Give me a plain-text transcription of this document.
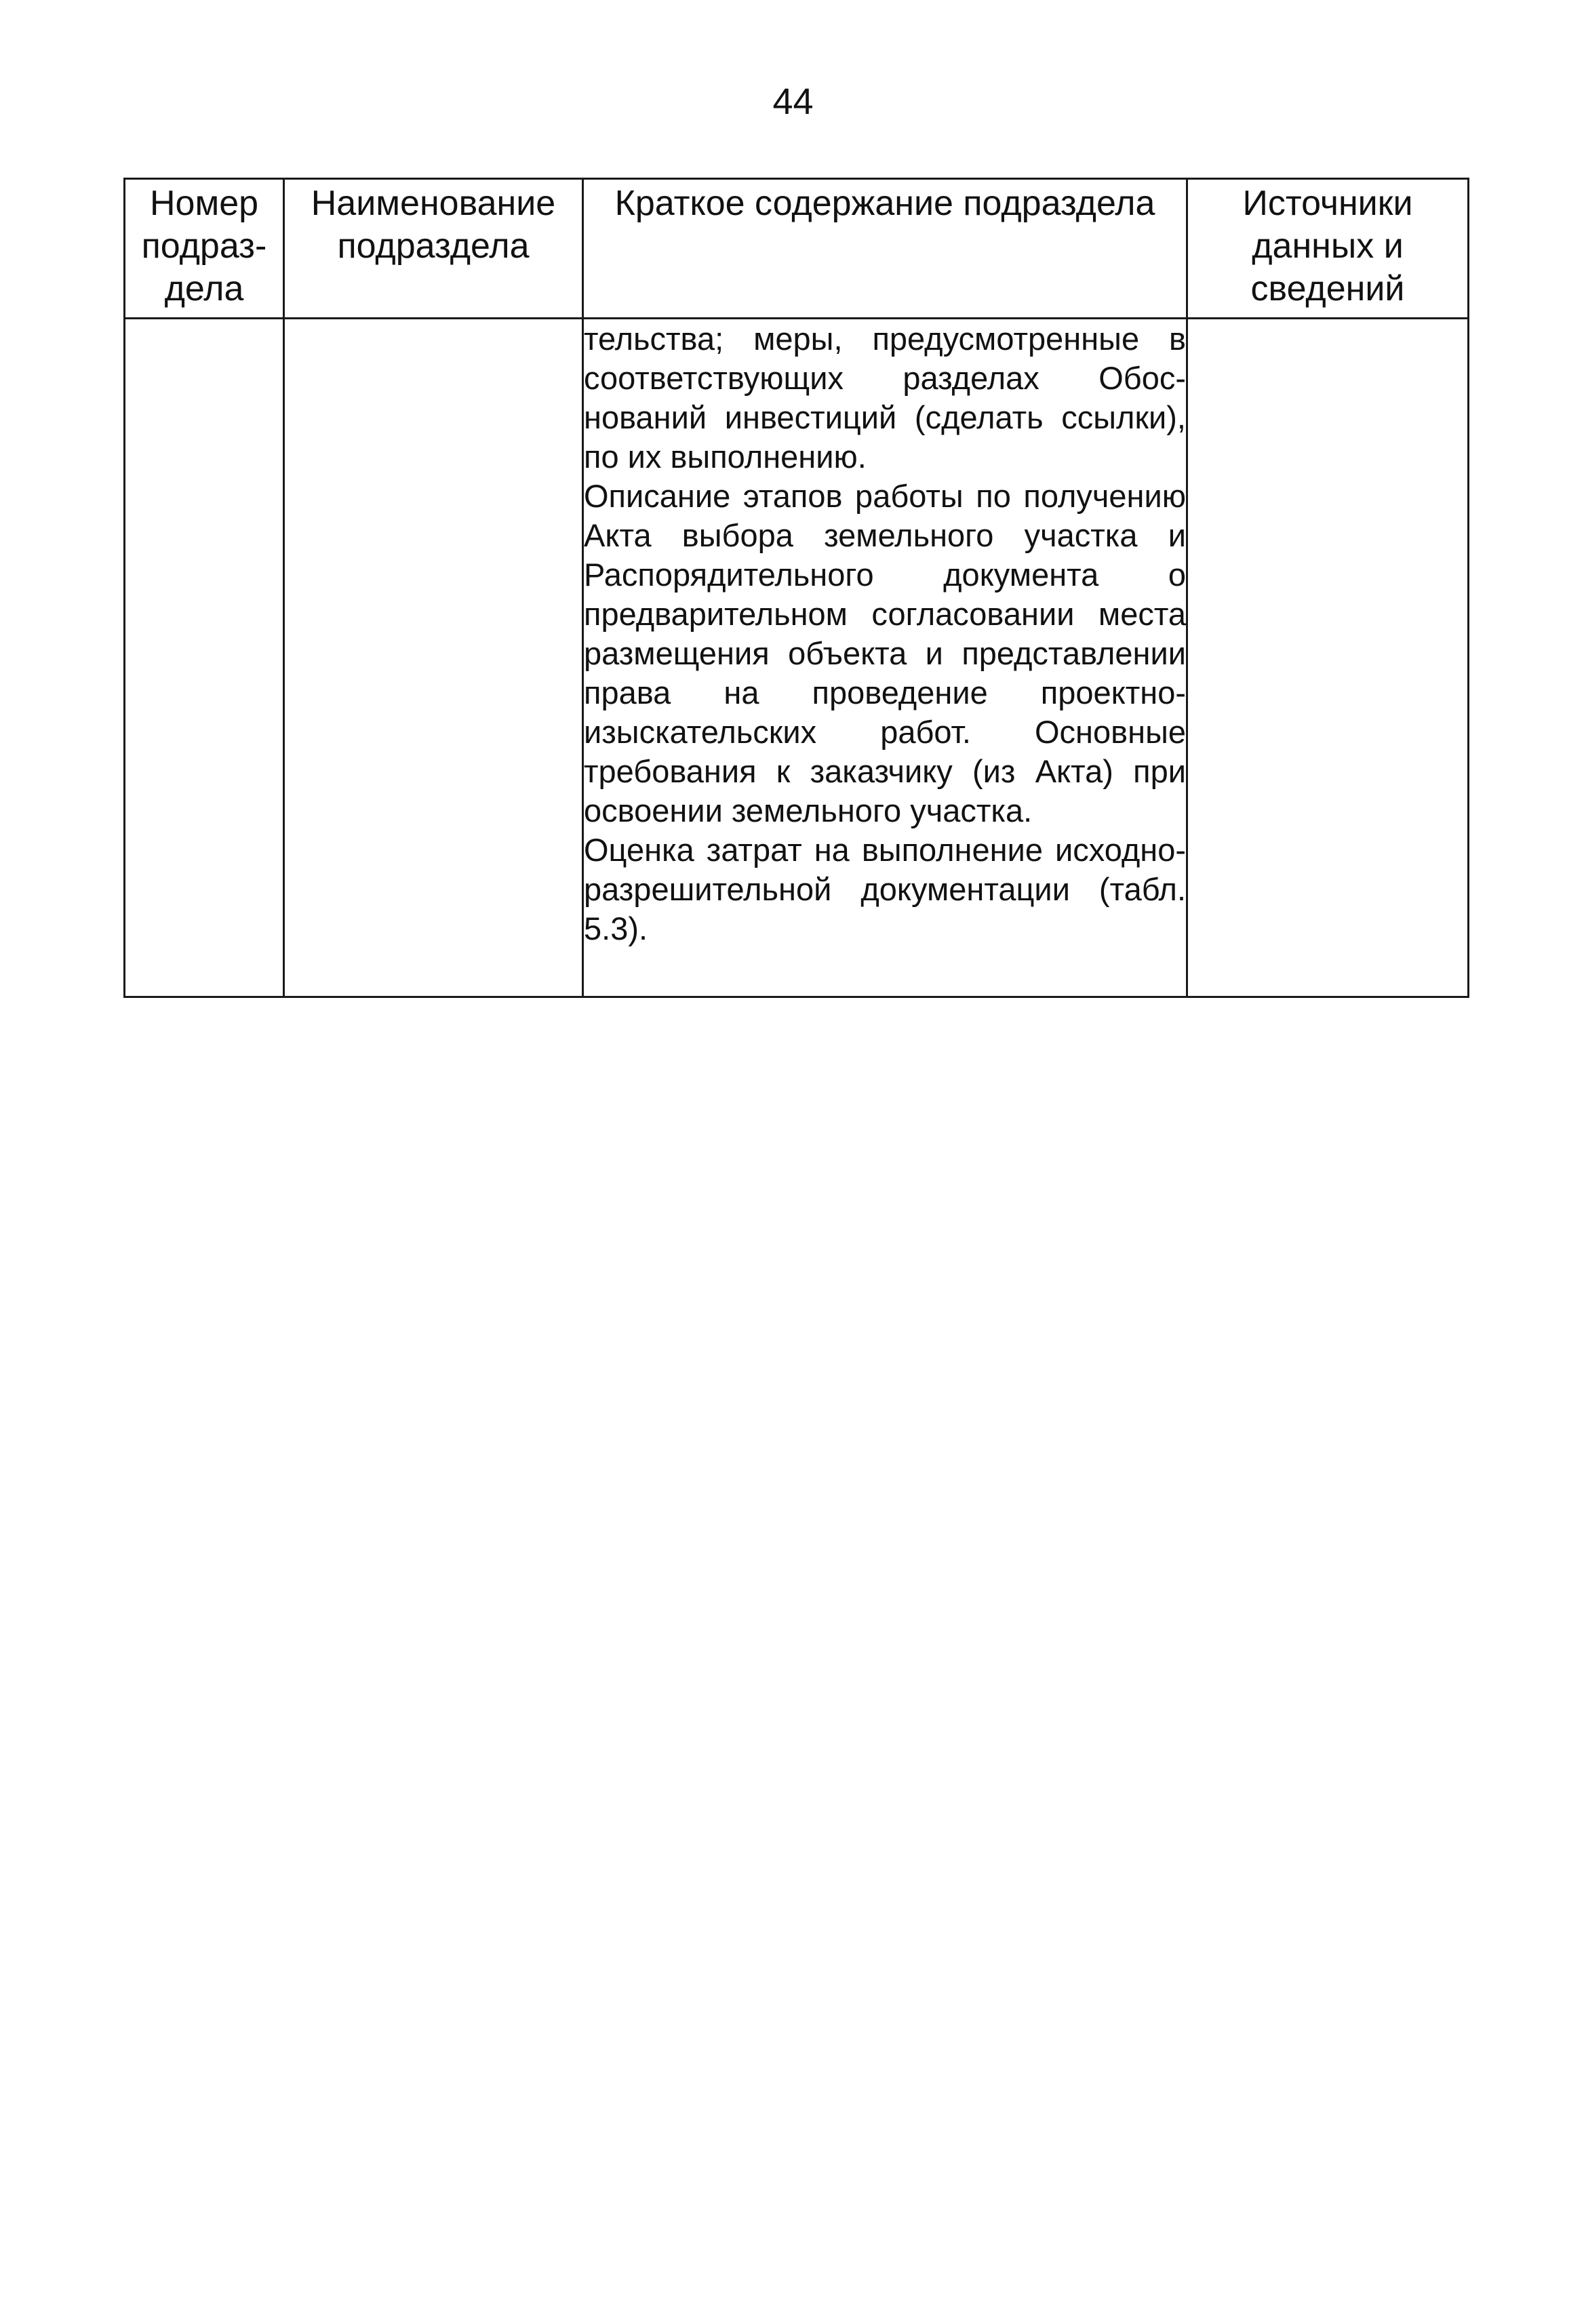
44
Номер подраздела	Наименование подраздела	Краткое содержание подраздела	Источники данных и сведений

		тельства; меры, предусмотренные в соответствующих разделах Обоснований инвестиций (сделать ссылки), по их выполнению.

Описание этапов работы по получению Акта выбора земельного участка и Распорядительного документа о предварительном согласовании места размещения объекта и представлении права на проведение проектно-изыскательских работ. Основные требования к заказчику (из Акта) при освоении земельного участка.

Оценка затрат на выполнение исходно-разрешительной документации (табл. 5.3).	
